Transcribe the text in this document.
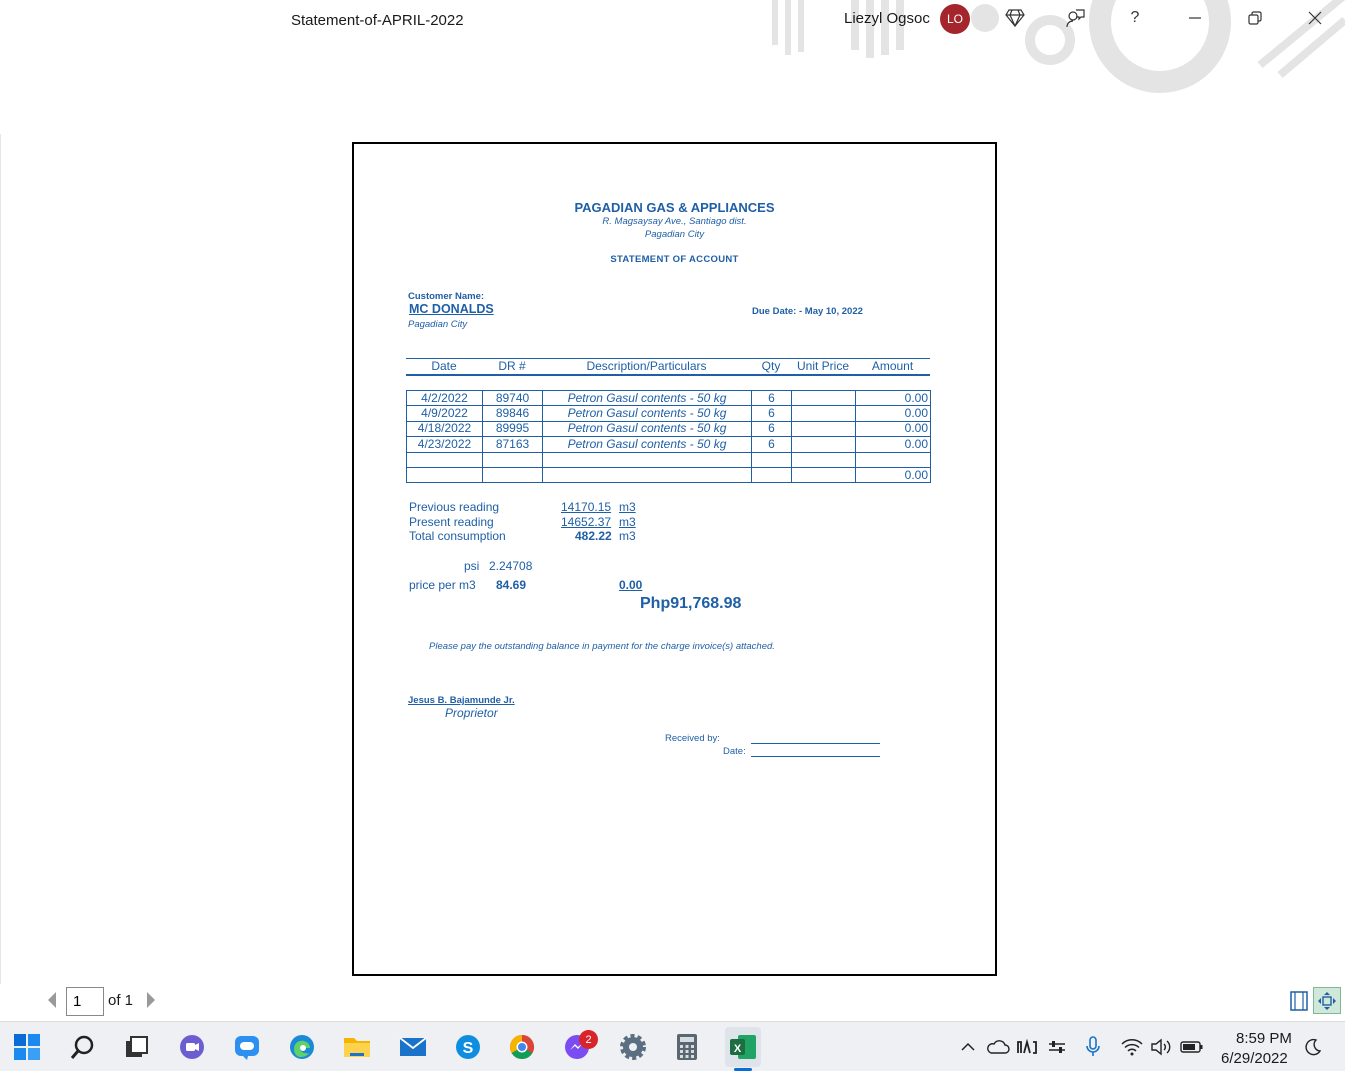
Statement-of-APRIL-2022	Liezyl Ogsoc	LO	?
PAGADIAN GAS & APPLIANCES
R. Magsaysay Ave., Santiago dist.
Pagadian City
STATEMENT OF ACCOUNT
Customer Name:
MC DONALDS
Pagadian City
Due Date: - May 10, 2022
Date	DR #	Description/Particulars	Qty	Unit Price	Amount
4/2/2022	89740	Petron Gasul contents - 50 kg	6		0.00
4/9/2022	89846	Petron Gasul contents - 50 kg	6		0.00
4/18/2022	89995	Petron Gasul contents - 50 kg	6		0.00
4/23/2022	87163	Petron Gasul contents - 50 kg	6		0.00

					0.00
Previous reading	14170.15 m3
Present reading	14652.37 m3
Total consumption	482.22 m3
psi 2.24708
price per m3 84.69	0.00
Php91,768.98
Please pay the outstanding balance in payment for the charge invoice(s) attached.
Jesus B. Bajamunde Jr.
Proprietor
Received by:
Date:
1
of 1
S
2
X
8:59 PM
6/29/2022
